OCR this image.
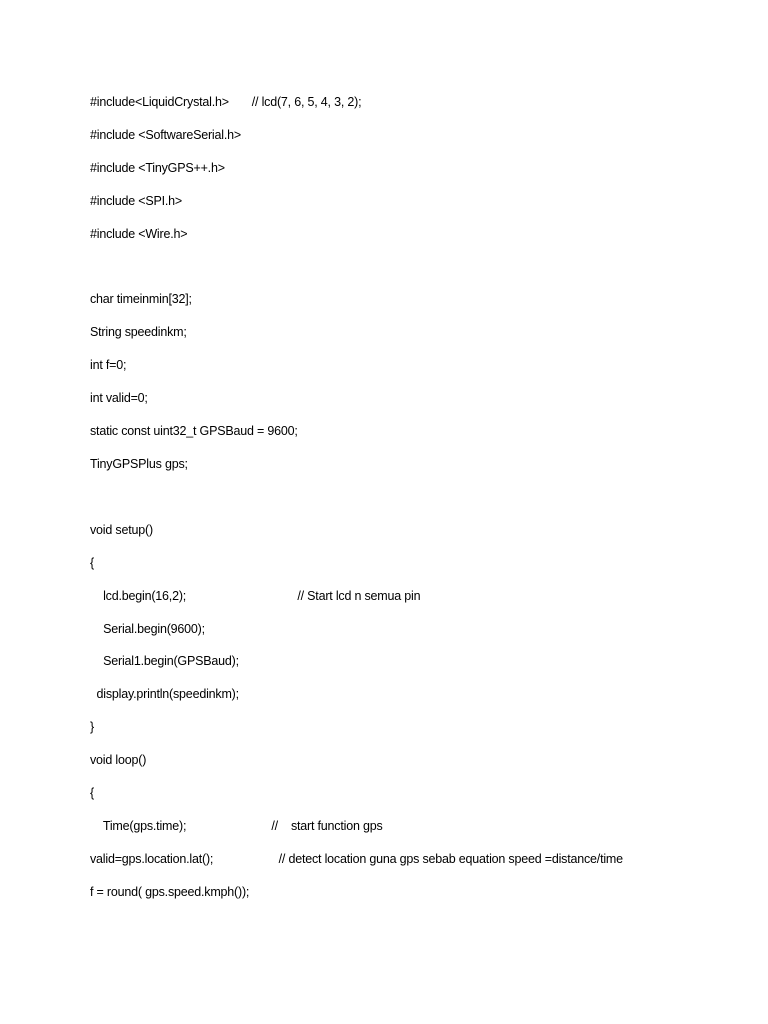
#include<LiquidCrystal.h>       // lcd(7, 6, 5, 4, 3, 2);
#include <SoftwareSerial.h>
#include <TinyGPS++.h>
#include <SPI.h>
#include <Wire.h>
char timeinmin[32];
String speedinkm;
int f=0;
int valid=0;
static const uint32_t GPSBaud = 9600;
TinyGPSPlus gps;
void setup()
{
lcd.begin(16,2);                                  // Start lcd n semua pin
Serial.begin(9600);
Serial1.begin(GPSBaud);
display.println(speedinkm);
}
void loop()
{
Time(gps.time);                          //    start function gps
valid=gps.location.lat();                    // detect location guna gps sebab equation speed =distance/time
f = round( gps.speed.kmph());
